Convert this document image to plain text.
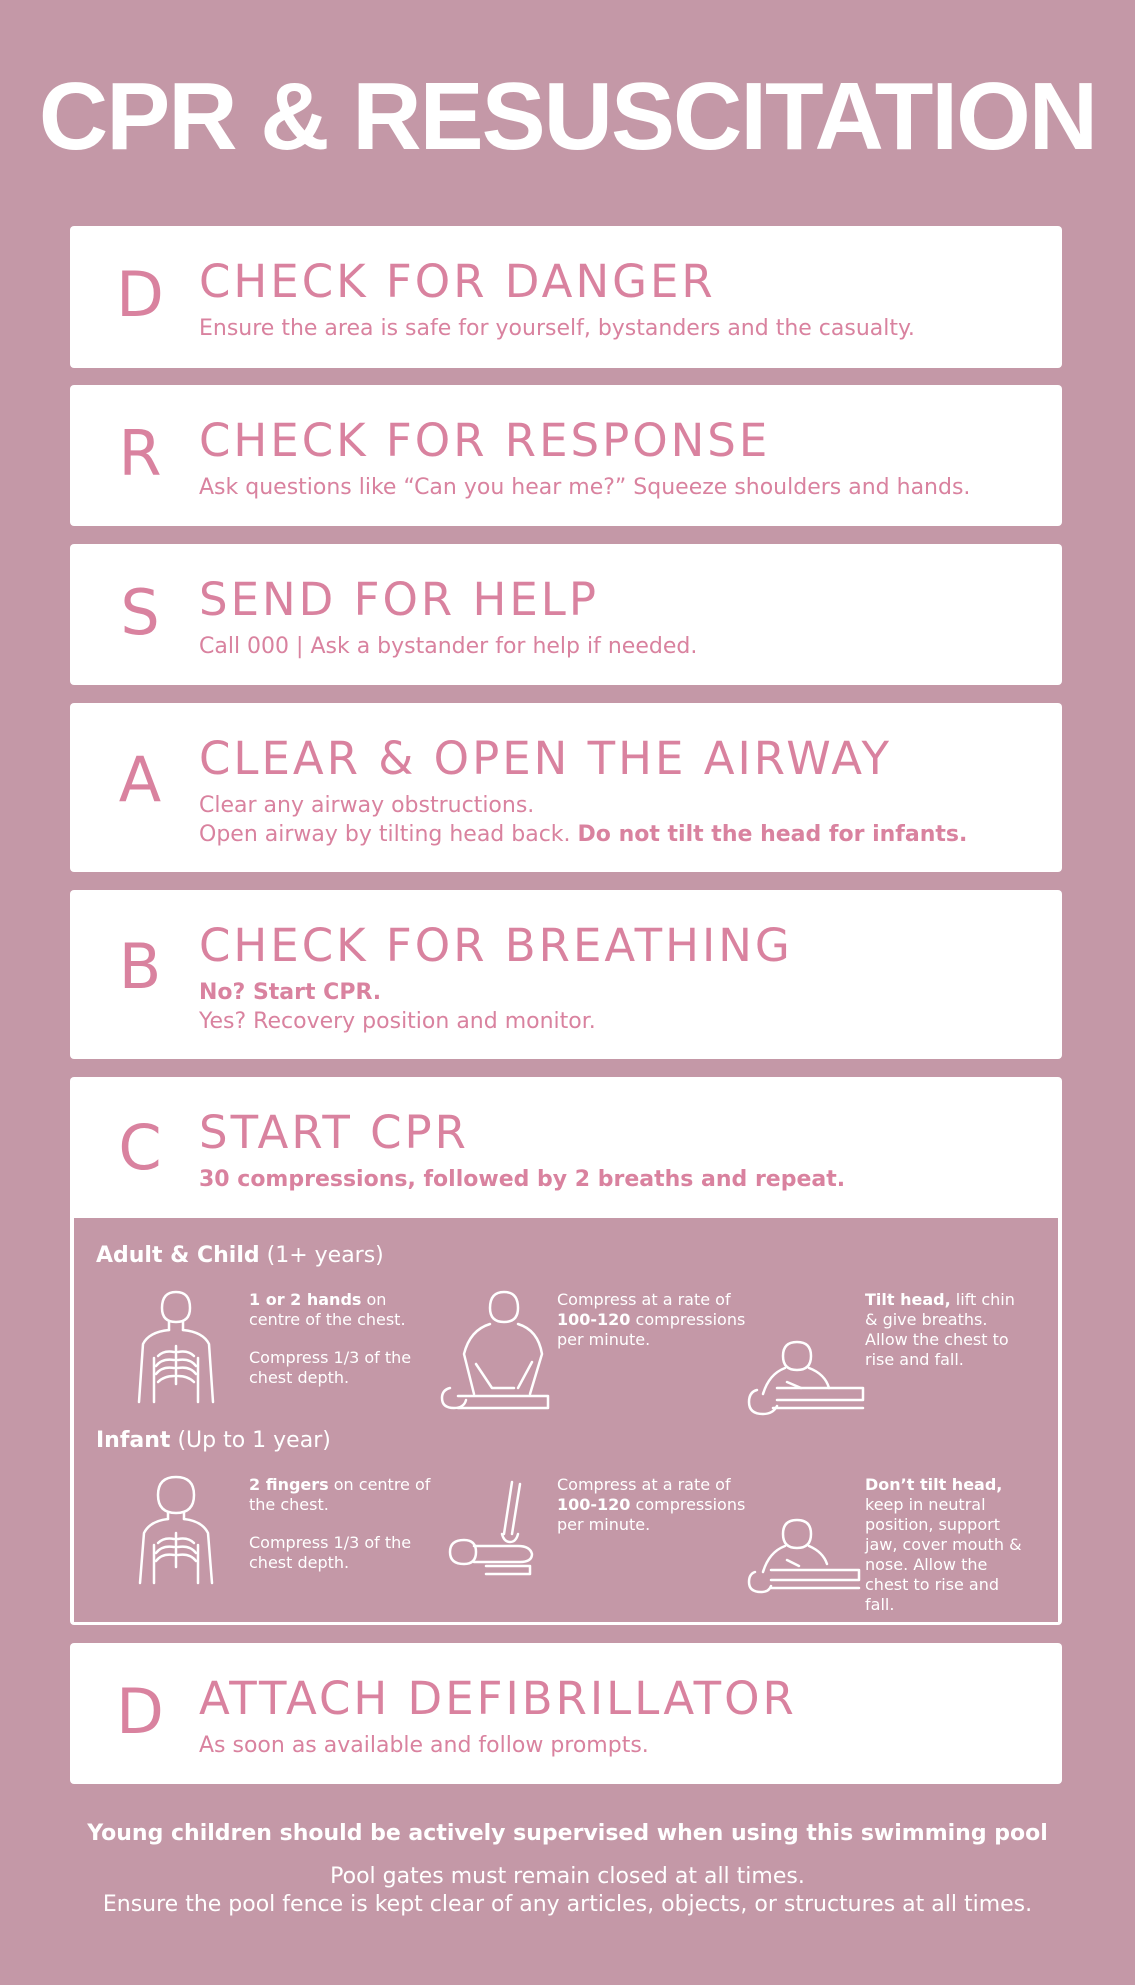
CPR & RESUSCITATION
D CHECK FOR DANGER
Ensure the area is safe for yourself, bystanders and the casualty.
R CHECK FOR RESPONSE
Ask questions like “Can you hear me?” Squeeze shoulders and hands.
S SEND FOR HELP
Call 000 | Ask a bystander for help if needed.
A CLEAR & OPEN THE AIRWAY
Clear any airway obstructions.
Open airway by tilting head back. Do not tilt the head for infants.
B CHECK FOR BREATHING
No? Start CPR.
Yes? Recovery position and monitor.
C START CPR
30 compressions, followed by 2 breaths and repeat.
Adult & Child (1+ years)

1 or 2 hands on centre of the chest.

Compress 1/3 of the chest depth.

Compress at a rate of
100-120 compressions per minute.

Tilt head, lift chin & give breaths. Allow the chest to rise and fall.

Infant (Up to 1 year)

2 fingers on centre of the chest.

Compress 1/3 of the chest depth.

Compress at a rate of
100-120 compressions per minute.

Don’t tilt head, keep in neutral position, support jaw, cover mouth & nose. Allow the chest to rise and fall.

D ATTACH DEFIBRILLATOR
As soon as available and follow prompts.
Young children should be actively supervised when using this swimming pool
Pool gates must remain closed at all times.
Ensure the pool fence is kept clear of any articles, objects, or structures at all times.
